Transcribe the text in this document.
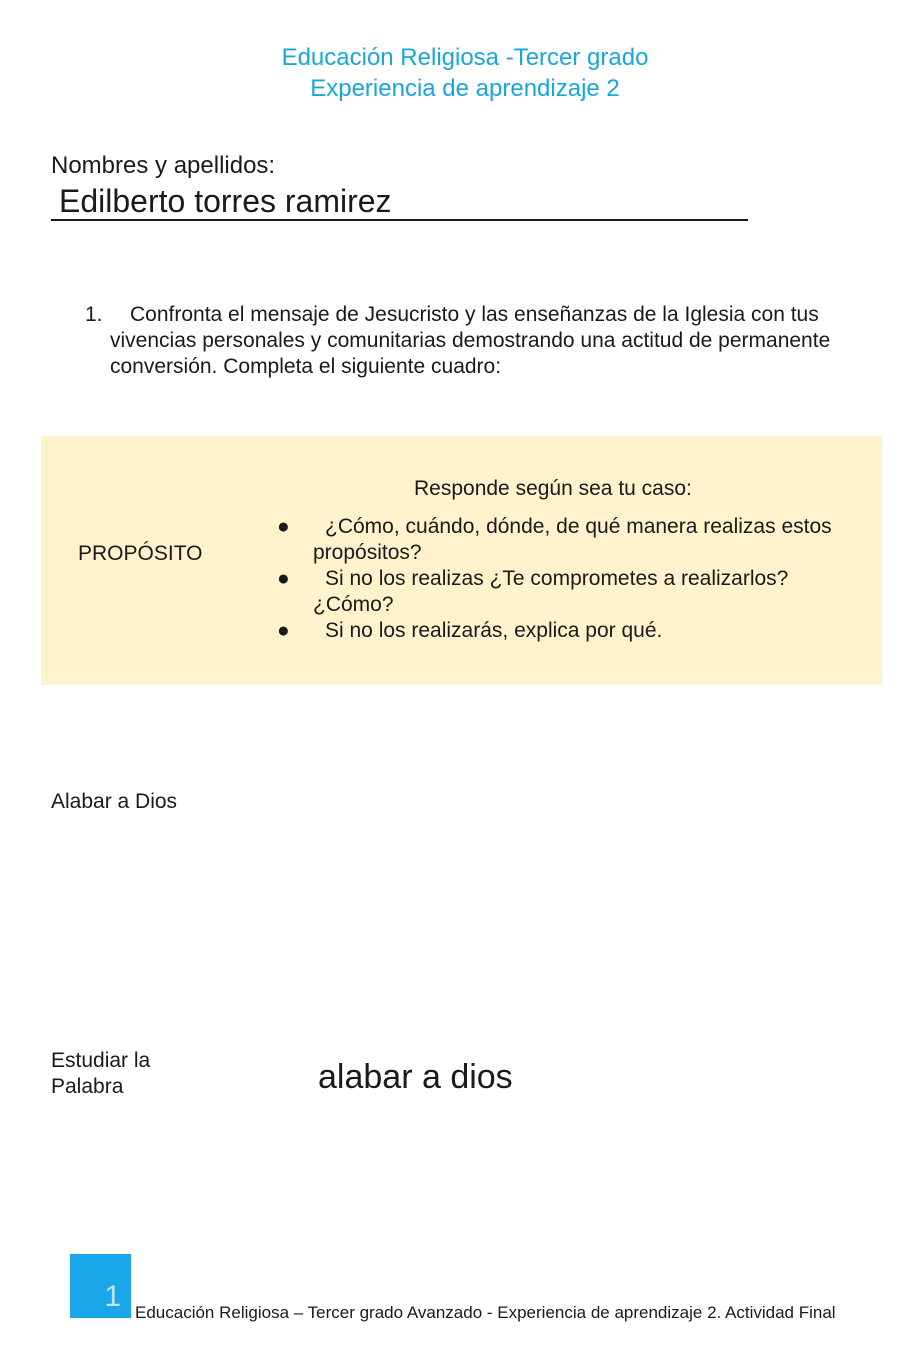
Educación Religiosa -Tercer grado
Experiencia de aprendizaje 2
Nombres y apellidos:
Edilberto torres ramirez
1.	Confronta el mensaje de Jesucristo y las enseñanzas de la Iglesia con tus vivencias personales y comunitarias demostrando una actitud de permanente conversión. Completa el siguiente cuadro:
PROPÓSITO
Responde según sea tu caso:
●	¿Cómo, cuándo, dónde, de qué manera realizas estos propósitos?
●	Si no los realizas ¿Te comprometes a realizarlos? ¿Cómo?
●	Si no los realizarás, explica por qué.
Alabar a Dios
Estudiar la Palabra	alabar a dios
1 Educación Religiosa – Tercer grado Avanzado - Experiencia de aprendizaje 2. Actividad Final
